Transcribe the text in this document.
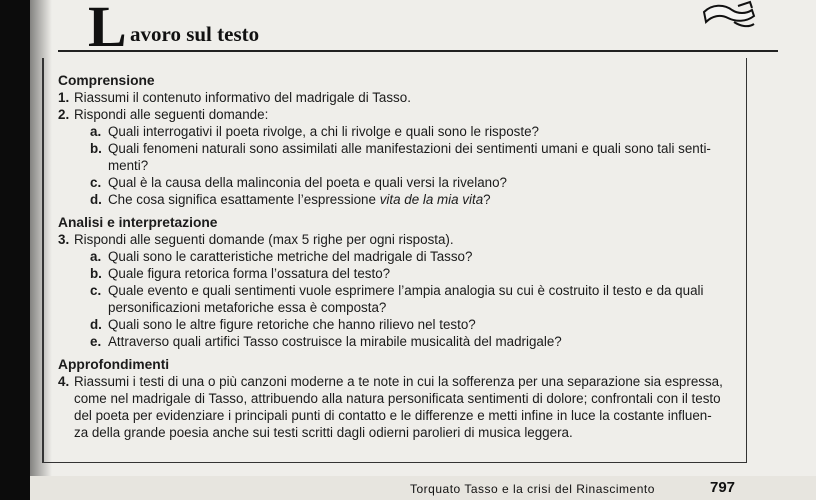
L avoro sul testo

Comprensione

1. Riassumi il contenuto informativo del madrigale di Tasso.
2. Rispondi alle seguenti domande:
a. Quali interrogativi il poeta rivolge, a chi li rivolge e quali sono le risposte?
b. Quali fenomeni naturali sono assimilati alle manifestazioni dei sentimenti umani e quali sono tali senti-
menti?
c. Qual è la causa della malinconia del poeta e quali versi la rivelano?
d. Che cosa significa esattamente l’espressione vita de la mia vita?

Analisi e interpretazione

3. Rispondi alle seguenti domande (max 5 righe per ogni risposta).
a. Quali sono le caratteristiche metriche del madrigale di Tasso?
b. Quale figura retorica forma l’ossatura del testo?
c. Quale evento e quali sentimenti vuole esprimere l’ampia analogia su cui è costruito il testo e da quali
personificazioni metaforiche essa è composta?
d. Quali sono le altre figure retoriche che hanno rilievo nel testo?
e. Attraverso quali artifici Tasso costruisce la mirabile musicalità del madrigale?

Approfondimenti

4. Riassumi i testi di una o più canzoni moderne a te note in cui la sofferenza per una separazione sia espressa,
come nel madrigale di Tasso, attribuendo alla natura personificata sentimenti di dolore; confrontali con il testo
del poeta per evidenziare i principali punti di contatto e le differenze e metti infine in luce la costante influen-
za della grande poesia anche sui testi scritti dagli odierni parolieri di musica leggera.
Torquato Tasso e la crisi del Rinascimento	797
